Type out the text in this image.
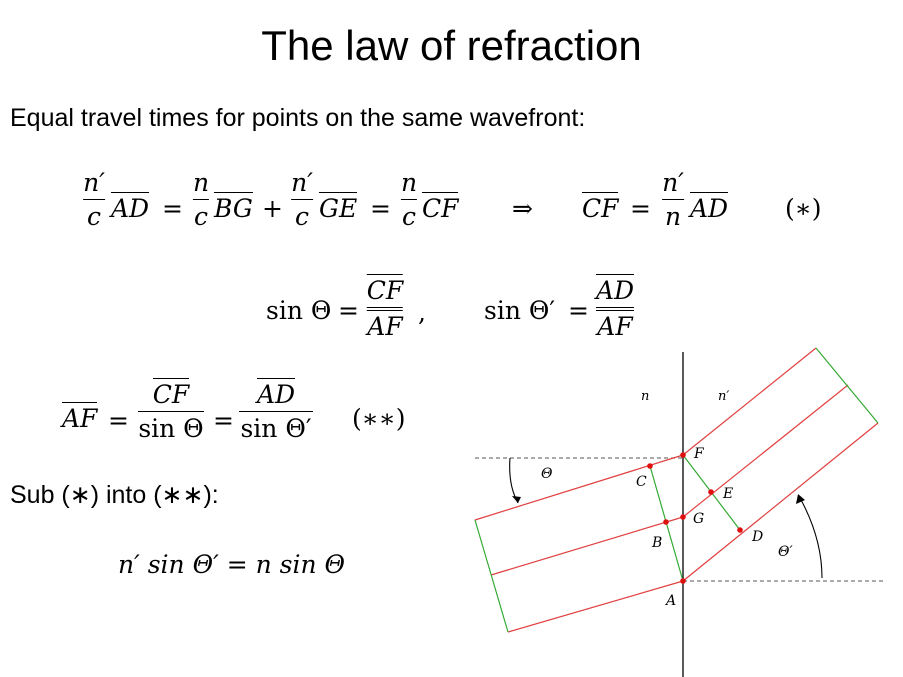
The law of refraction
Equal travel times for points on the same wavefront:
n′
c AD =
n
c BG +
n′
c GE =
n
c CF ⇒ CF =
n′
n AD (∗)
$\sin \Theta = \frac{CF}{AF}$ , $\sin \Theta' = \frac{AD}{AF}$
AF =
CF
sin Θ =
AD
sin Θ′ (∗∗)
Sub (∗) into (∗∗):
n′ sin Θ′ = n sin Θ
n	n′
Θ
Θ′
A
B
C
D
E
F
G
